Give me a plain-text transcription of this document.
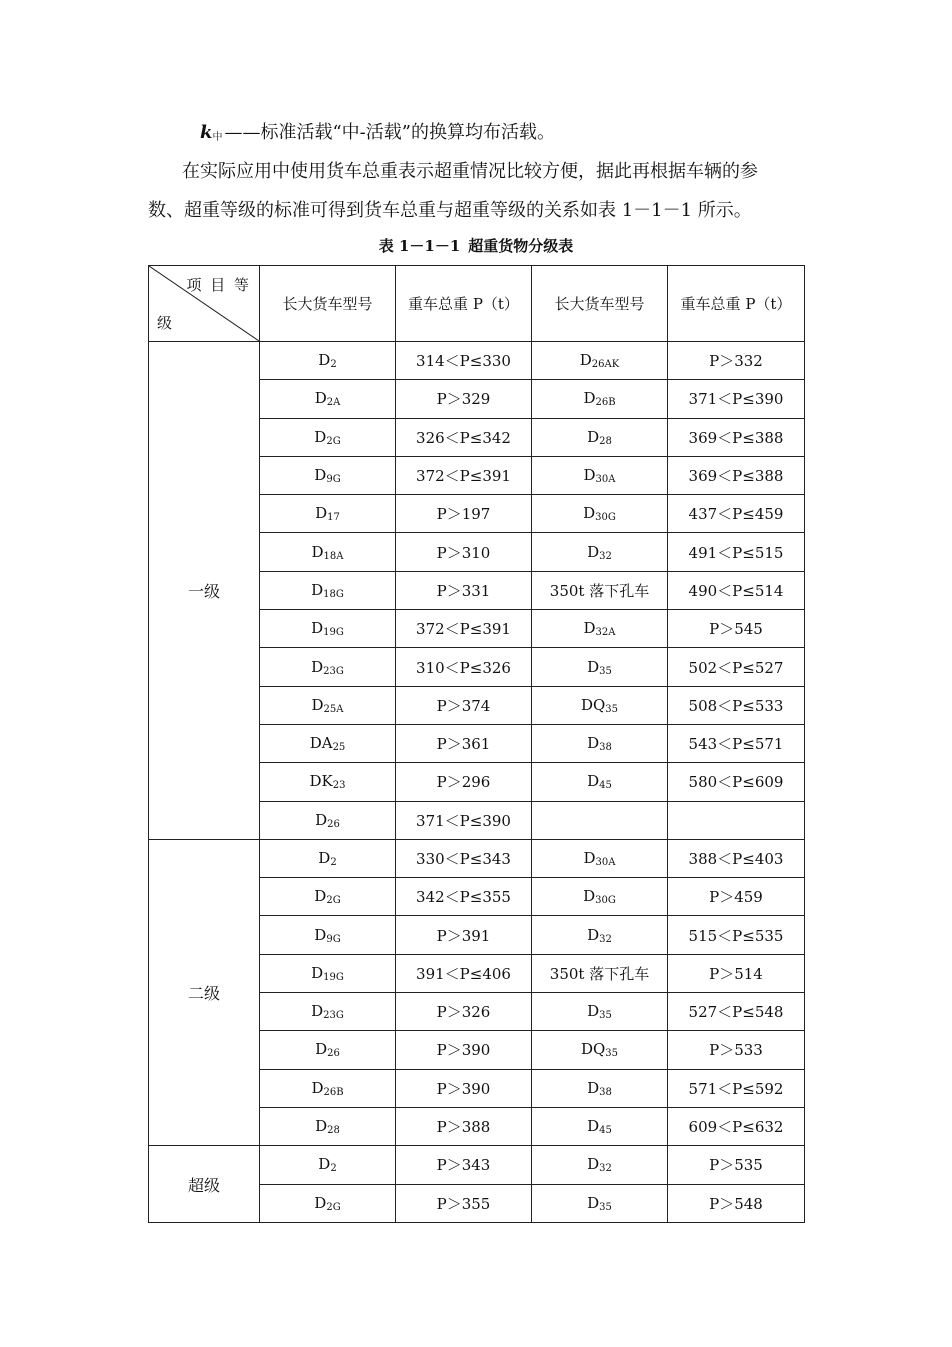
k中 ——标准活载“中-活载”的换算均布活载。
在实际应用中使用货车总重表示超重情况比较方便，据此再根据车辆的参
数、超重等级的标准可得到货车总重与超重等级的关系如表 1－1－1 所示。
表 1－1－1 超重货物分级表
项 目 等
级	长大货车型号	重车总重 P（t）	长大货车型号	重车总重 P（t）
一级	$D_2$	314＜P≤330	$D_{26AK}$	P＞332
	$D_{2A}$	P＞329	$D_{26B}$	371＜P≤390
	$D_{2G}$	326＜P≤342	$D_{28}$	369＜P≤388
	$D_{9G}$	372＜P≤391	$D_{30A}$	369＜P≤388
	$D_{17}$	P＞197	$D_{30G}$	437＜P≤459
	$D_{18A}$	P＞310	$D_{32}$	491＜P≤515
	$D_{18G}$	P＞331	350t 落下孔车	490＜P≤514
	$D_{19G}$	372＜P≤391	$D_{32A}$	P＞545
	$D_{23G}$	310＜P≤326	$D_{35}$	502＜P≤527
	$D_{25A}$	P＞374	$DQ_{35}$	508＜P≤533
	$DA_{25}$	P＞361	$D_{38}$	543＜P≤571
	$DK_{23}$	P＞296	$D_{45}$	580＜P≤609
	$D_{26}$	371＜P≤390		
二级	$D_2$	330＜P≤343	$D_{30A}$	388＜P≤403
	$D_{2G}$	342＜P≤355	$D_{30G}$	P＞459
	$D_{9G}$	P＞391	$D_{32}$	515＜P≤535
	$D_{19G}$	391＜P≤406	350t 落下孔车	P＞514
	$D_{23G}$	P＞326	$D_{35}$	527＜P≤548
	$D_{26}$	P＞390	$DQ_{35}$	P＞533
	$D_{26B}$	P＞390	$D_{38}$	571＜P≤592
	$D_{28}$	P＞388	$D_{45}$	609＜P≤632
超级	$D_2$	P＞343	$D_{32}$	P＞535
	$D_{2G}$	P＞355	$D_{35}$	P＞548
